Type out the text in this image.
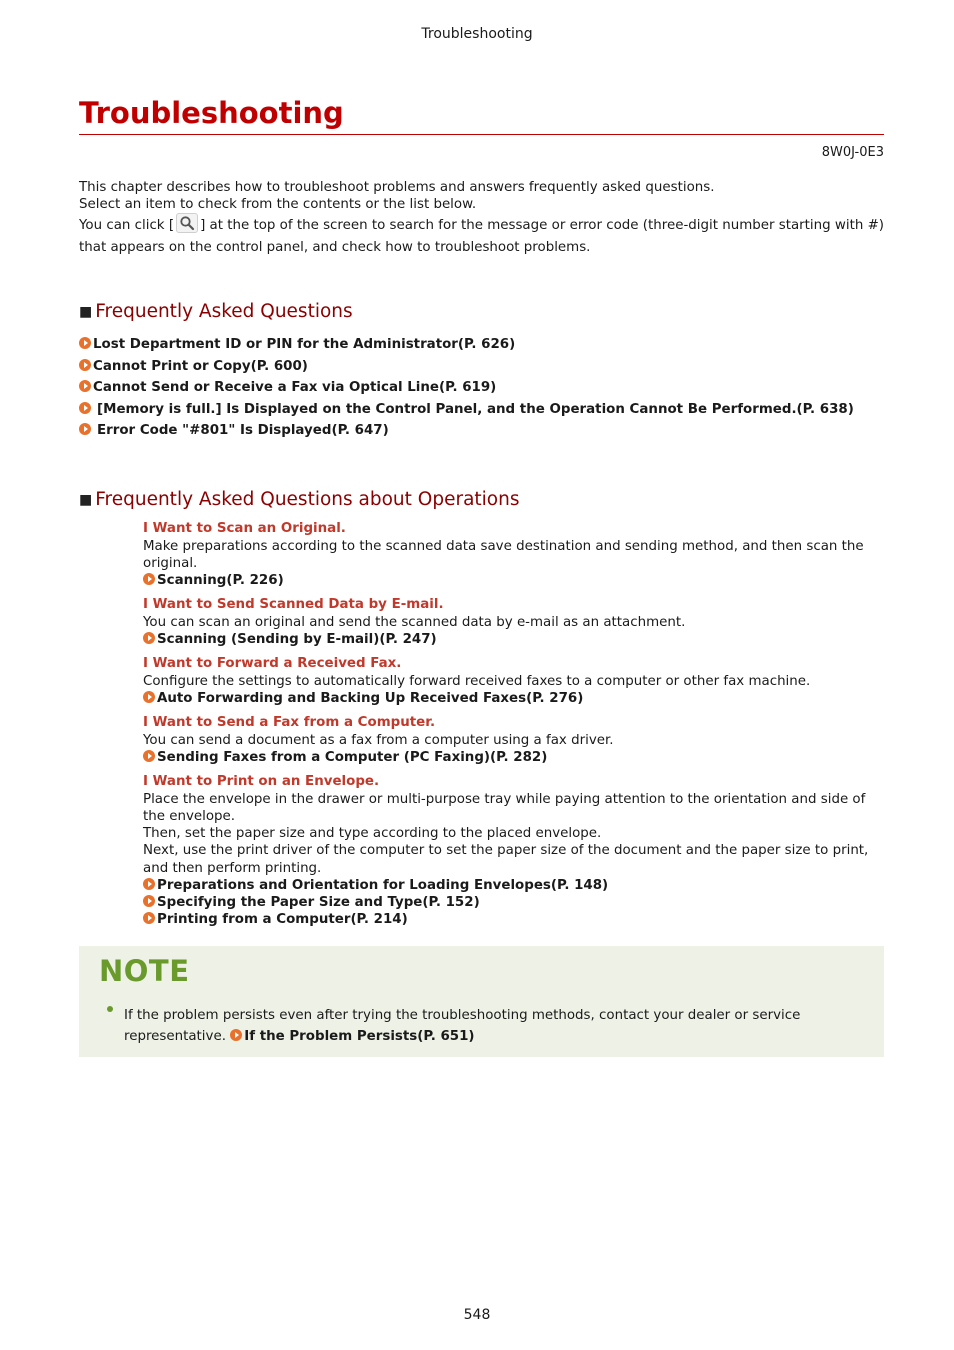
Troubleshooting
Troubleshooting
8W0J-0E3

This chapter describes how to troubleshoot problems and answers frequently asked questions.

Select an item to check from the contents or the list below.

You can click [ ] at the top of the screen to search for the message or error code (three-digit number starting with #) that appears on the control panel, and check how to troubleshoot problems.

■ Frequently Asked Questions
Lost Department ID or PIN for the Administrator(P. 626)
Cannot Print or Copy(P. 600)
Cannot Send or Receive a Fax via Optical Line(P. 619)
[Memory is full.] Is Displayed on the Control Panel, and the Operation Cannot Be Performed.(P. 638)
Error Code "#801" Is Displayed(P. 647)
■ Frequently Asked Questions about Operations
I Want to Scan an Original.

Make preparations according to the scanned data save destination and sending method, and then scan the original.

Scanning(P. 226)
I Want to Send Scanned Data by E-mail.

You can scan an original and send the scanned data by e-mail as an attachment.

Scanning (Sending by E-mail)(P. 247)
I Want to Forward a Received Fax.

Configure the settings to automatically forward received faxes to a computer or other fax machine.

Auto Forwarding and Backing Up Received Faxes(P. 276)
I Want to Send a Fax from a Computer.

You can send a document as a fax from a computer using a fax driver.

Sending Faxes from a Computer (PC Faxing)(P. 282)
I Want to Print on an Envelope.

Place the envelope in the drawer or multi-purpose tray while paying attention to the orientation and side of the envelope.

Then, set the paper size and type according to the placed envelope.

Next, use the print driver of the computer to set the paper size of the document and the paper size to print, and then perform printing.

Preparations and Orientation for Loading Envelopes(P. 148)
Specifying the Paper Size and Type(P. 152)
Printing from a Computer(P. 214)
NOTE

If the problem persists even after trying the troubleshooting methods, contact your dealer or service representative. If the Problem Persists(P. 651)

548
